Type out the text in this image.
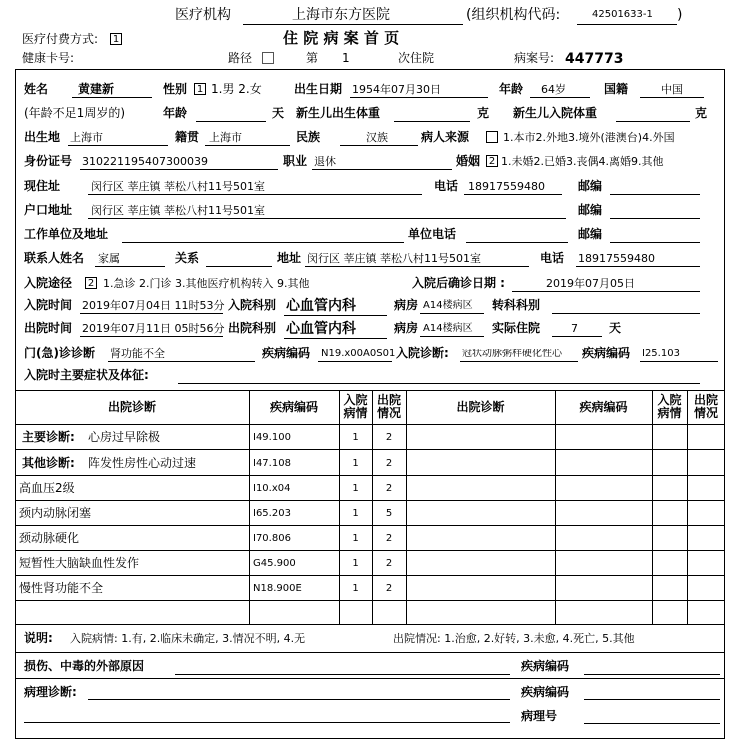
医疗机构	上海市东方医院	(组织机构代码:	42501633-1 )
医疗付费方式: 1	住 院 病 案 首 页
健康卡号:	路径	第 1	次住院	病案号: 447773
姓名 黄建新	性别 1 1.男 2.女	出生日期 1954年07月30日	年龄 64岁	国籍	中国
(年龄不足1周岁的)	年龄	天 新生儿出生体重	克 新生儿入院体重	克
出生地 上海市	籍贯 上海市	民族	汉族	病人来源	1.本市2.外地3.境外(港澳台)4.外国
身份证号 310221195407300039	职业 退休	婚姻 2 1.未婚2.已婚3.丧偶4.离婚9.其他
现住址	闵行区 莘庄镇 莘松八村11号501室	电话 18917559480	邮编
户口地址 闵行区 莘庄镇 莘松八村11号501室	邮编
工作单位及地址	单位电话	邮编
联系人姓名 家属	关系	地址 闵行区 莘庄镇 莘松八村11号501室	电话 18917559480
入院途径 2 1.急诊 2.门诊 3.其他医疗机构转入 9.其他	入院后确诊日期 :	2019年07月05日
入院时间 2019年07月04日 11时53分 入院科别 心血管内科	病房 A14楼病区 转科科别
出院时间 2019年07月11日 05时56分 出院科别 心血管内科	病房 A14楼病区 实际住院	7	天
门(急)诊诊断 肾功能不全	疾病编码 N19.x00A0S01 入院诊断: 冠状动脉粥样硬化性心	疾病编码 I25.103
入院时主要症状及体征:
出院诊断	疾病编码	入院
病情
出院
情况	出院诊断	疾病编码	入院
病情
出院
情况
主要诊断: 心房过早除极	I49.100	1	2
其他诊断: 阵发性房性心动过速	I47.108	1	2
高血压2级	I10.x04	1	2
颈内动脉闭塞	I65.203	1	5
颈动脉硬化	I70.806	1	2
短暂性大脑缺血性发作	G45.900	1	2
慢性肾功能不全	N18.900E	1	2
说明: 入院病情: 1.有, 2.临床未确定, 3.情况不明, 4.无	出院情况: 1.治愈, 2.好转, 3.未愈, 4.死亡, 5.其他
损伤、中毒的外部原因	疾病编码
病理诊断:	疾病编码
病理号
